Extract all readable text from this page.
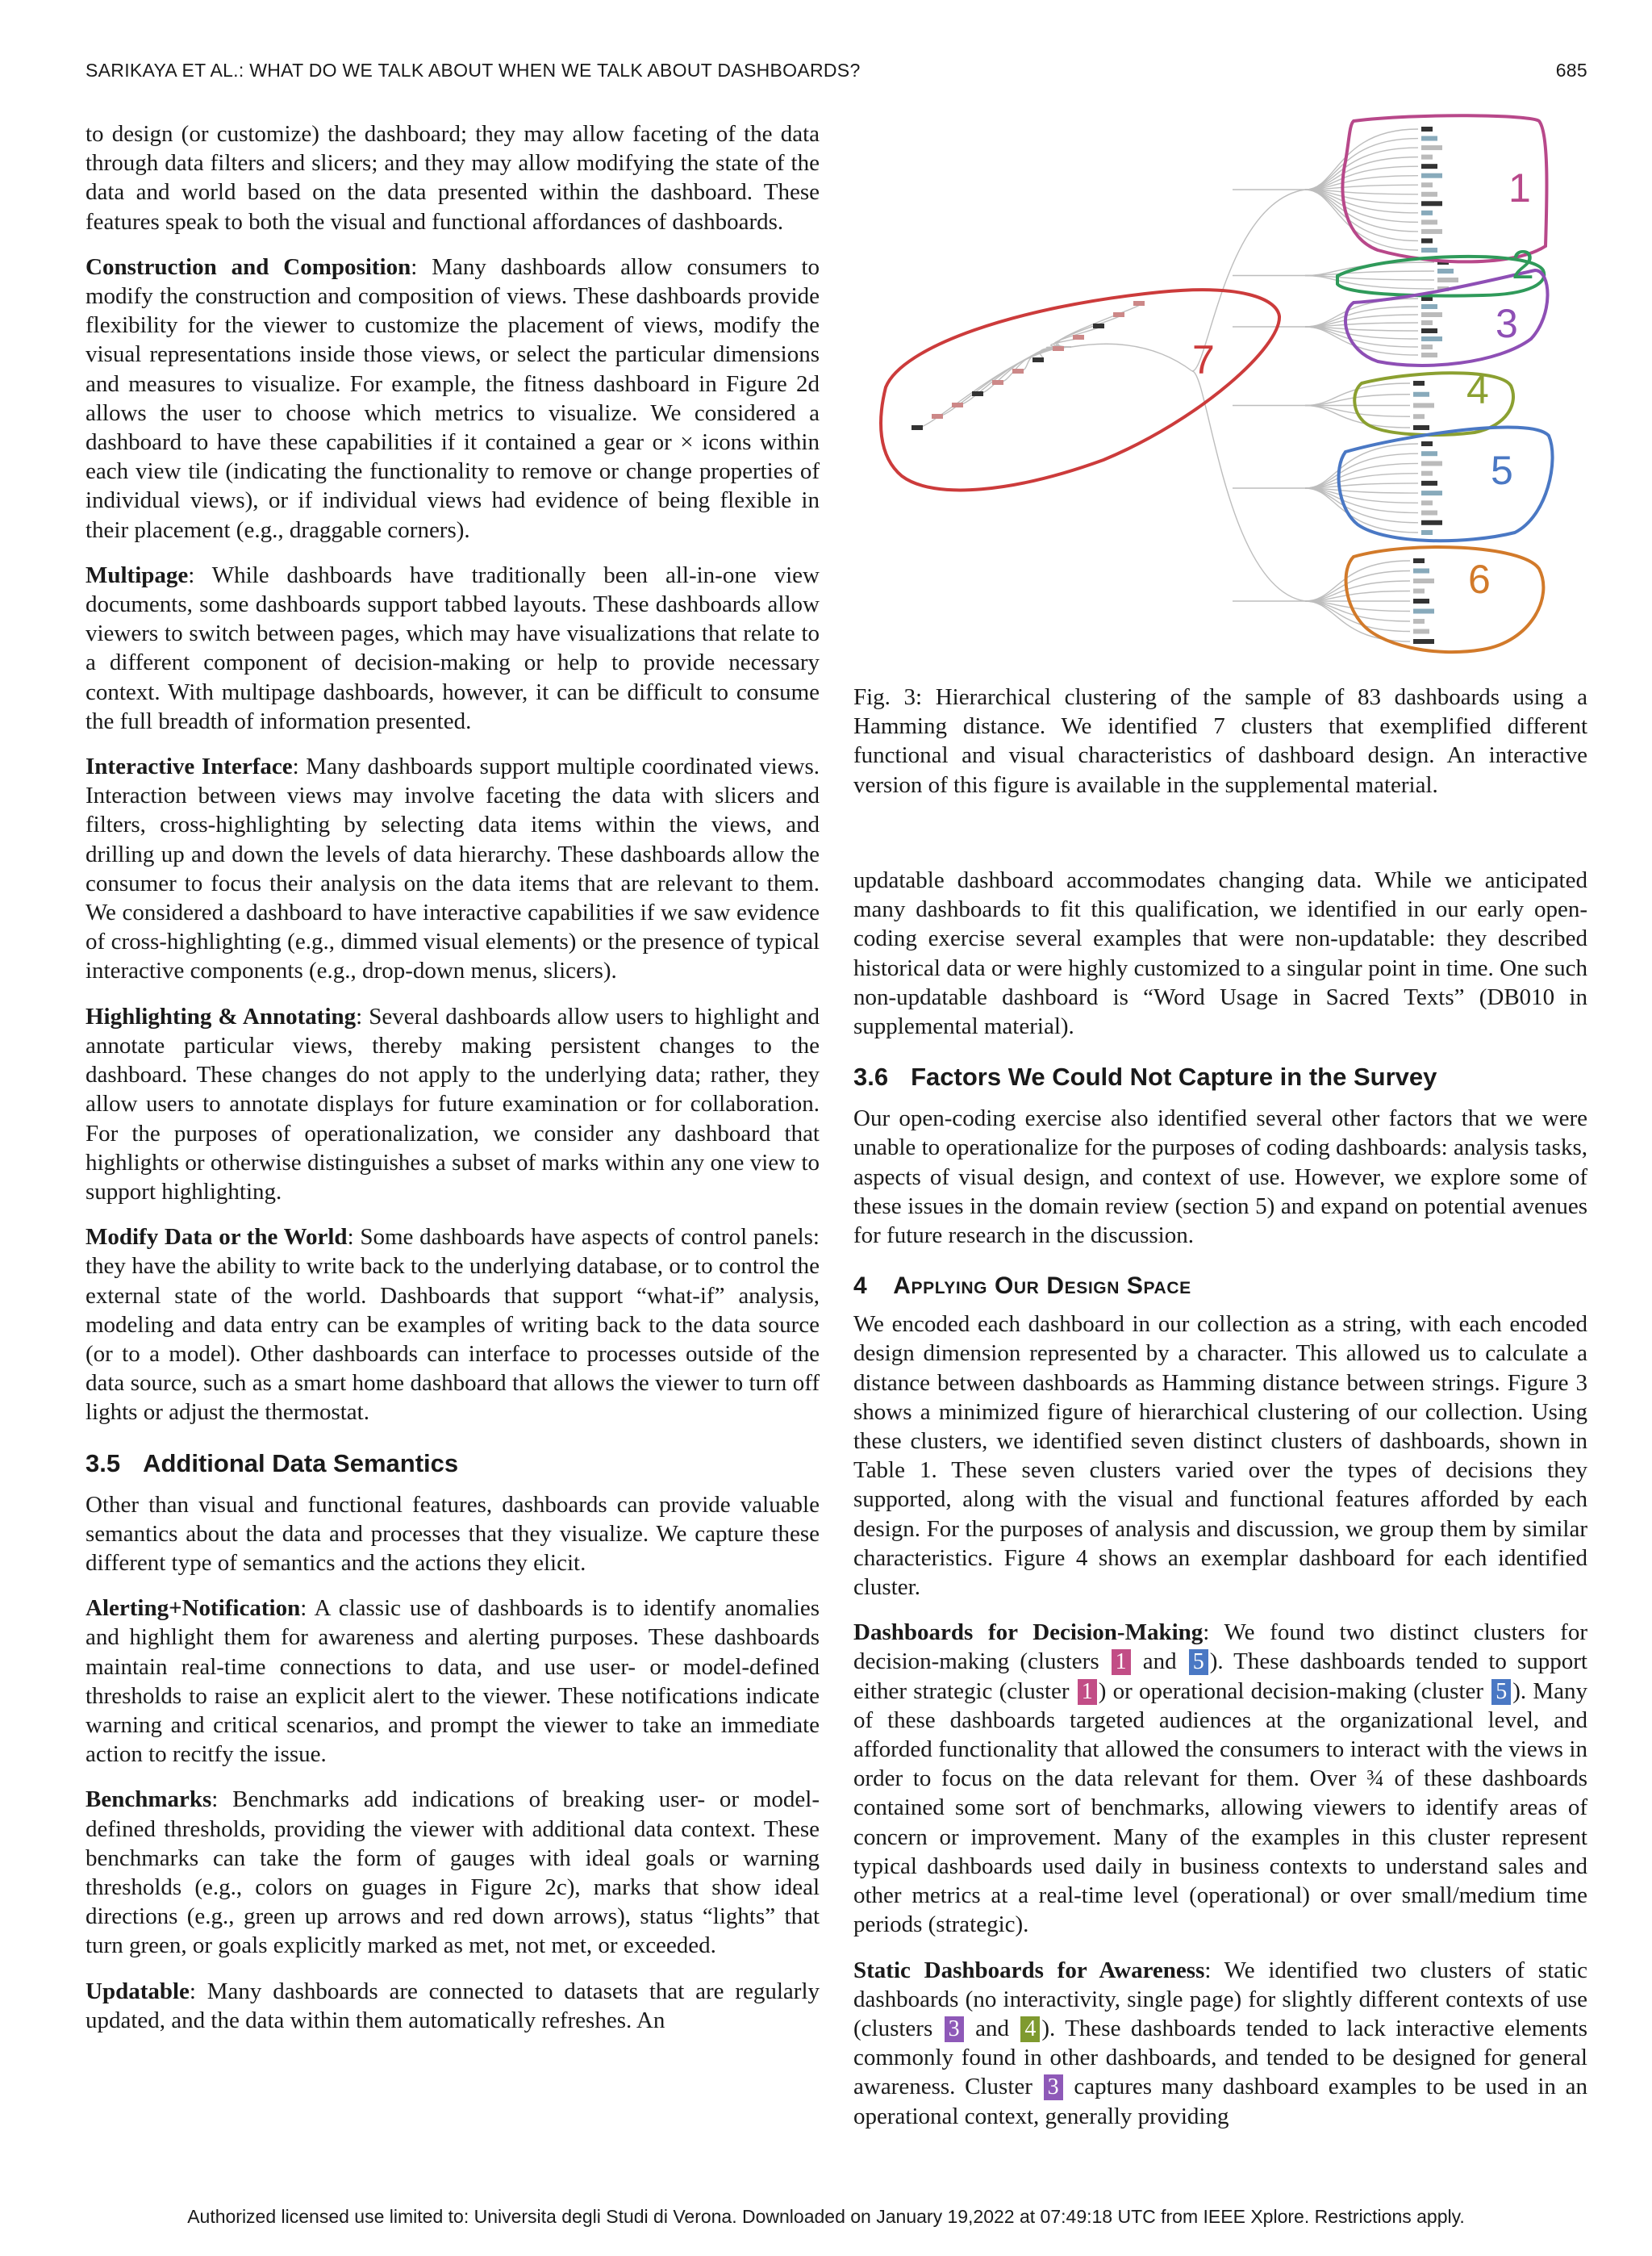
SARIKAYA ET AL.: WHAT DO WE TALK ABOUT WHEN WE TALK ABOUT DASHBOARDS?	685

to design (or customize) the dashboard; they may allow faceting of the data through data filters and slicers; and they may allow modifying the state of the data and world based on the data presented within the dashboard. These features speak to both the visual and functional affordances of dashboards.

Construction and Composition: Many dashboards allow consumers to modify the construction and composition of views. These dashboards provide flexibility for the viewer to customize the placement of views, modify the visual representations inside those views, or select the particular dimensions and measures to visualize. For example, the fitness dashboard in Figure 2d allows the user to choose which metrics to visualize. We considered a dashboard to have these capabilities if it contained a gear or × icons within each view tile (indicating the functionality to remove or change properties of individual views), or if individual views had evidence of being flexible in their placement (e.g., draggable corners).

Multipage: While dashboards have traditionally been all-in-one view documents, some dashboards support tabbed layouts. These dashboards allow viewers to switch between pages, which may have visualizations that relate to a different component of decision-making or help to provide necessary context. With multipage dashboards, however, it can be difficult to consume the full breadth of information presented.

Interactive Interface: Many dashboards support multiple coordinated views. Interaction between views may involve faceting the data with slicers and filters, cross-highlighting by selecting data items within the views, and drilling up and down the levels of data hierarchy. These dashboards allow the consumer to focus their analysis on the data items that are relevant to them. We considered a dashboard to have interactive capabilities if we saw evidence of cross-highlighting (e.g., dimmed visual elements) or the presence of typical interactive components (e.g., drop-down menus, slicers).

Highlighting & Annotating: Several dashboards allow users to highlight and annotate particular views, thereby making persistent changes to the dashboard. These changes do not apply to the underlying data; rather, they allow users to annotate displays for future examination or for collaboration. For the purposes of operationalization, we consider any dashboard that highlights or otherwise distinguishes a subset of marks within any one view to support highlighting.

Modify Data or the World: Some dashboards have aspects of control panels: they have the ability to write back to the underlying database, or to control the external state of the world. Dashboards that support “what-if” analysis, modeling and data entry can be examples of writing back to the data source (or to a model). Other dashboards can interface to processes outside of the data source, such as a smart home dashboard that allows the viewer to turn off lights or adjust the thermostat.

3.5 Additional Data Semantics

Other than visual and functional features, dashboards can provide valuable semantics about the data and processes that they visualize. We capture these different type of semantics and the actions they elicit.

Alerting+Notification: A classic use of dashboards is to identify anomalies and highlight them for awareness and alerting purposes. These dashboards maintain real-time connections to data, and use user- or model-defined thresholds to raise an explicit alert to the viewer. These notifications indicate warning and critical scenarios, and prompt the viewer to take an immediate action to recitfy the issue.

Benchmarks: Benchmarks add indications of breaking user- or model-defined thresholds, providing the viewer with additional data context. These benchmarks can take the form of gauges with ideal goals or warning thresholds (e.g., colors on guages in Figure 2c), marks that show ideal directions (e.g., green up arrows and red down arrows), status “lights” that turn green, or goals explicitly marked as met, not met, or exceeded.

Updatable: Many dashboards are connected to datasets that are regularly updated, and the data within them automatically refreshes. An

1
2
3
4
5
6
7
Fig. 3: Hierarchical clustering of the sample of 83 dashboards using a Hamming distance. We identified 7 clusters that exemplified different functional and visual characteristics of dashboard design. An interactive version of this figure is available in the supplemental material.

updatable dashboard accommodates changing data. While we anticipated many dashboards to fit this qualification, we identified in our early open-coding exercise several examples that were non-updatable: they described historical data or were highly customized to a singular point in time. One such non-updatable dashboard is “Word Usage in Sacred Texts” (DB010 in supplemental material).

3.6 Factors We Could Not Capture in the Survey

Our open-coding exercise also identified several other factors that we were unable to operationalize for the purposes of coding dashboards: analysis tasks, aspects of visual design, and context of use. However, we explore some of these issues in the domain review (section 5) and expand on potential avenues for future research in the discussion.

4 Applying Our Design Space

We encoded each dashboard in our collection as a string, with each encoded design dimension represented by a character. This allowed us to calculate a distance between dashboards as Hamming distance between strings. Figure 3 shows a minimized figure of hierarchical clustering of our collection. Using these clusters, we identified seven distinct clusters of dashboards, shown in Table 1. These seven clusters varied over the types of decisions they supported, along with the visual and functional features afforded by each design. For the purposes of analysis and discussion, we group them by similar characteristics. Figure 4 shows an exemplar dashboard for each identified cluster.

Dashboards for Decision-Making: We found two distinct clusters for decision-making (clusters 1 and 5 ). These dashboards tended to support either strategic (cluster 1 ) or operational decision-making (cluster 5 ). Many of these dashboards targeted audiences at the organizational level, and afforded functionality that allowed the consumers to interact with the views in order to focus on the data relevant for them. Over ¾ of these dashboards contained some sort of benchmarks, allowing viewers to identify areas of concern or improvement. Many of the examples in this cluster represent typical dashboards used daily in business contexts to understand sales and other metrics at a real-time level (operational) or over small/medium time periods (strategic).

Static Dashboards for Awareness: We identified two clusters of static dashboards (no interactivity, single page) for slightly different contexts of use (clusters 3 and 4 ). These dashboards tended to lack interactive elements commonly found in other dashboards, and tended to be designed for general awareness. Cluster 3 captures many dashboard examples to be used in an operational context, generally providing

Authorized licensed use limited to: Universita degli Studi di Verona. Downloaded on January 19,2022 at 07:49:18 UTC from IEEE Xplore. Restrictions apply.
